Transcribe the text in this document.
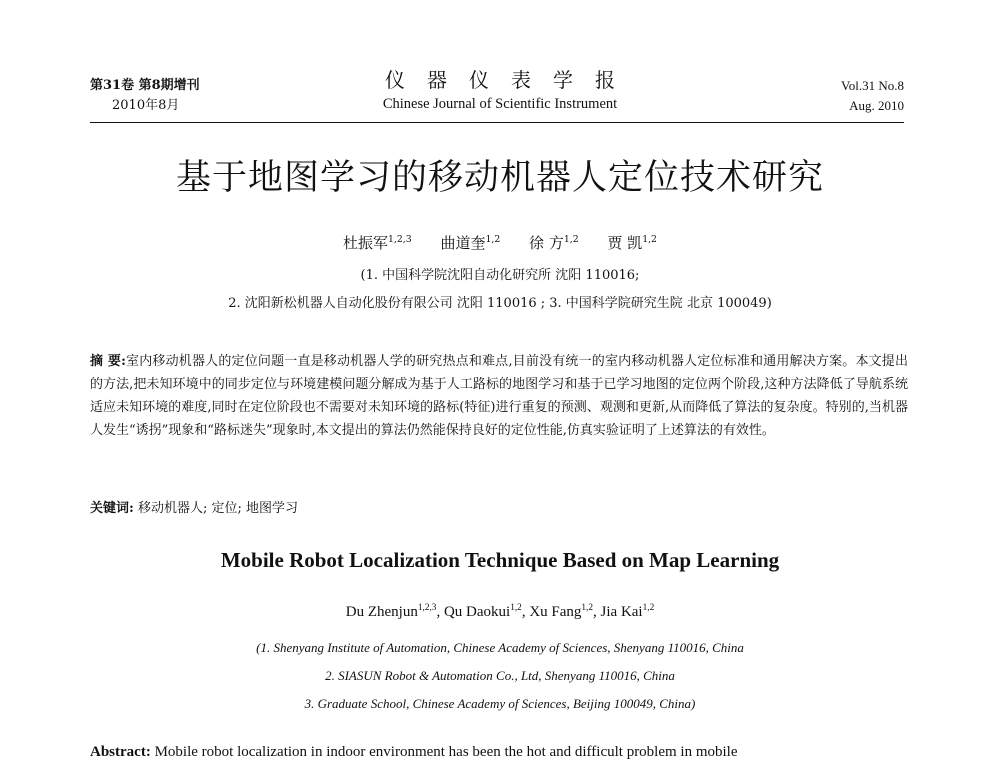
第31卷 第8期增刊
2010年8月
仪器仪表学报
Chinese Journal of Scientific Instrument
Vol.31 No.8
Aug. 2010
基于地图学习的移动机器人定位技术研究
杜振军$^{1,2,3}$ 曲道奎$^{1,2}$ 徐 方$^{1,2}$ 贾 凯$^{1,2}$
(1. 中国科学院沈阳自动化研究所 沈阳 110016;
2. 沈阳新松机器人自动化股份有限公司 沈阳 110016 ; 3. 中国科学院研究生院 北京 100049)
摘 要:室内移动机器人的定位问题一直是移动机器人学的研究热点和难点,目前没有统一的室内移动机器人定位标准和通用解决方案。本文提出的方法,把未知环境中的同步定位与环境建模问题分解成为基于人工路标的地图学习和基于已学习地图的定位两个阶段,这种方法降低了导航系统适应未知环境的难度,同时在定位阶段也不需要对未知环境的路标(特征)进行重复的预测、观测和更新,从而降低了算法的复杂度。特别的,当机器人发生“诱拐”现象和“路标迷失”现象时,本文提出的算法仍然能保持良好的定位性能,仿真实验证明了上述算法的有效性。
关键词: 移动机器人; 定位; 地图学习
Mobile Robot Localization Technique Based on Map Learning
Du Zhenjun$^{1,2,3}$, Qu Daokui$^{1,2}$, Xu Fang$^{1,2}$, Jia Kai$^{1,2}$
(1. Shenyang Institute of Automation, Chinese Academy of Sciences, Shenyang 110016, China
2. SIASUN Robot & Automation Co., Ltd, Shenyang 110016, China
3. Graduate School, Chinese Academy of Sciences, Beijing 100049, China)
Abstract: Mobile robot localization in indoor environment has been the hot and difficult problem in mobile
